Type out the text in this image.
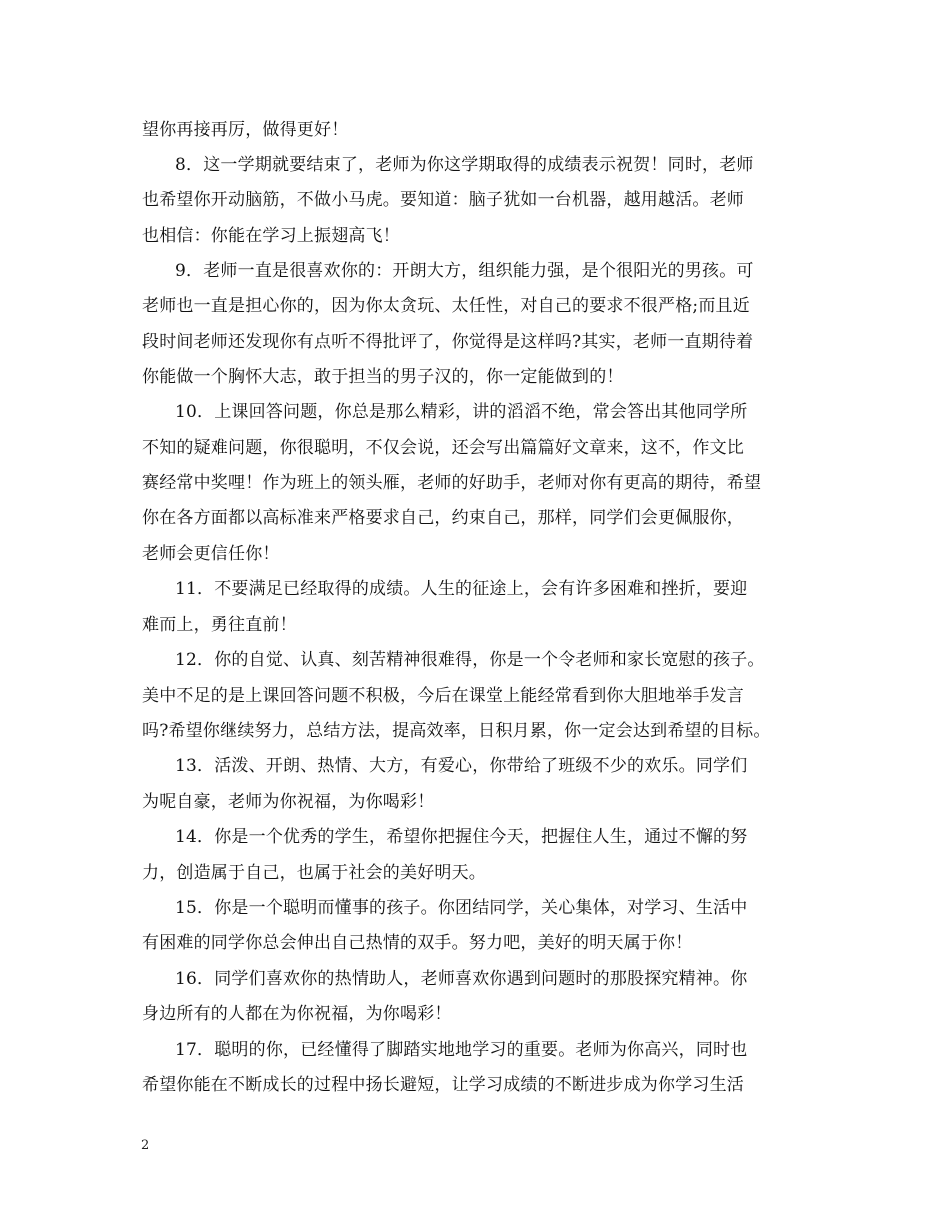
望你再接再厉，做得更好！
8．这一学期就要结束了，老师为你这学期取得的成绩表示祝贺！同时，老师
也希望你开动脑筋，不做小马虎。要知道：脑子犹如一台机器，越用越活。老师
也相信：你能在学习上振翅高飞！
9．老师一直是很喜欢你的：开朗大方，组织能力强，是个很阳光的男孩。可
老师也一直是担心你的，因为你太贪玩、太任性，对自己的要求不很严格;而且近
段时间老师还发现你有点听不得批评了，你觉得是这样吗?其实，老师一直期待着
你能做一个胸怀大志，敢于担当的男子汉的，你一定能做到的！
10．上课回答问题，你总是那么精彩，讲的滔滔不绝，常会答出其他同学所
不知的疑难问题，你很聪明，不仅会说，还会写出篇篇好文章来，这不，作文比
赛经常中奖哩！作为班上的领头雁，老师的好助手，老师对你有更高的期待，希望
你在各方面都以高标准来严格要求自己，约束自己，那样，同学们会更佩服你，
老师会更信任你！
11．不要满足已经取得的成绩。人生的征途上，会有许多困难和挫折，要迎
难而上，勇往直前！
12．你的自觉、认真、刻苦精神很难得，你是一个令老师和家长宽慰的孩子。
美中不足的是上课回答问题不积极，今后在课堂上能经常看到你大胆地举手发言
吗?希望你继续努力，总结方法，提高效率，日积月累，你一定会达到希望的目标。
13．活泼、开朗、热情、大方，有爱心，你带给了班级不少的欢乐。同学们
为呢自豪，老师为你祝福，为你喝彩！
14．你是一个优秀的学生，希望你把握住今天，把握住人生，通过不懈的努
力，创造属于自己，也属于社会的美好明天。
15．你是一个聪明而懂事的孩子。你团结同学，关心集体，对学习、生活中
有困难的同学你总会伸出自己热情的双手。努力吧，美好的明天属于你！
16．同学们喜欢你的热情助人，老师喜欢你遇到问题时的那股探究精神。你
身边所有的人都在为你祝福，为你喝彩！
17．聪明的你，已经懂得了脚踏实地地学习的重要。老师为你高兴，同时也
希望你能在不断成长的过程中扬长避短，让学习成绩的不断进步成为你学习生活
2
